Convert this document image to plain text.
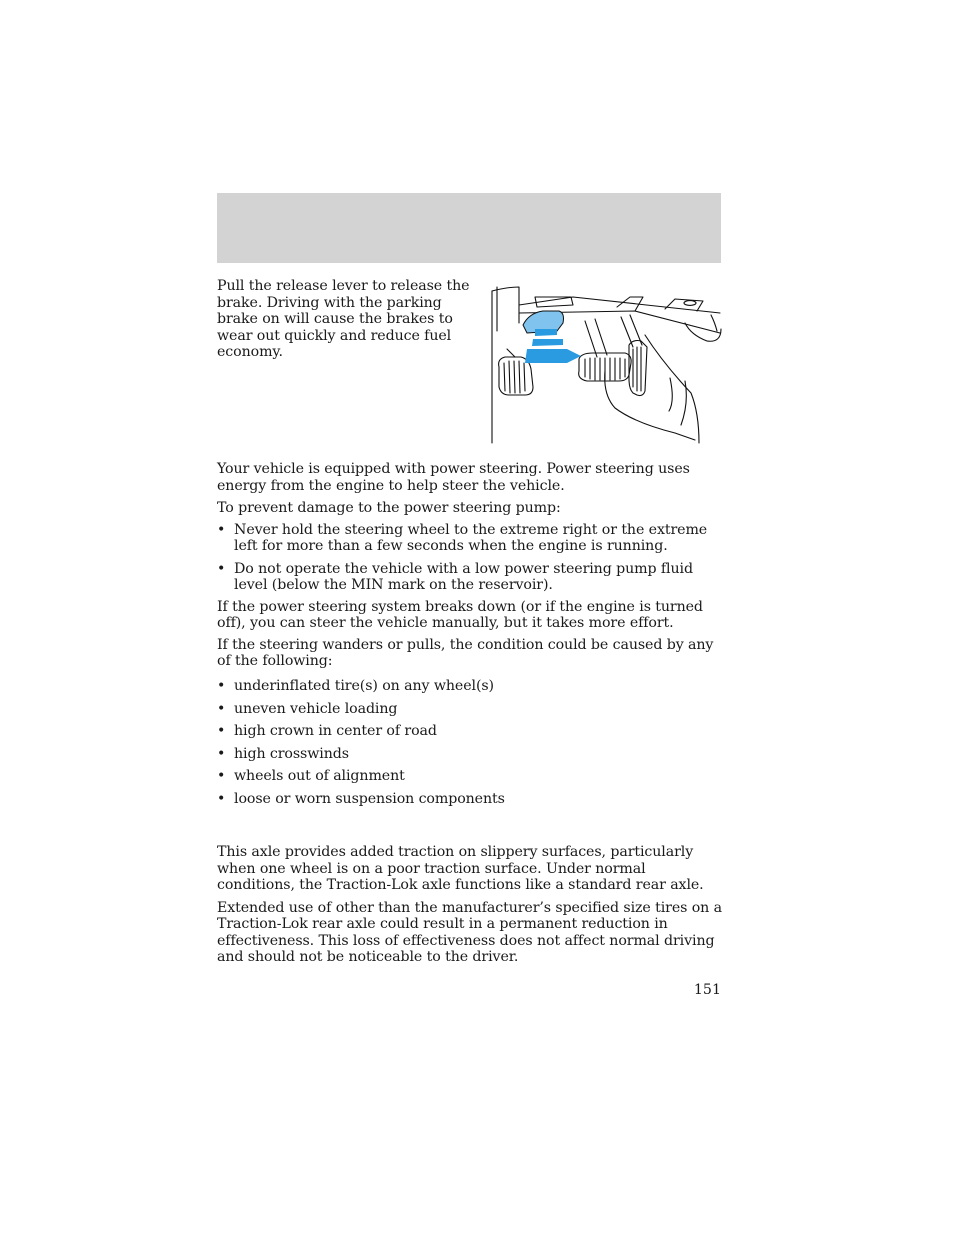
Pull the release lever to release the brake. Driving with the parking brake on will cause the brakes to wear out quickly and reduce fuel economy.

Your vehicle is equipped with power steering. Power steering uses energy from the engine to help steer the vehicle.

To prevent damage to the power steering pump:

• Never hold the steering wheel to the extreme right or the extreme left for more than a few seconds when the engine is running.
• Do not operate the vehicle with a low power steering pump fluid level (below the MIN mark on the reservoir).

If the power steering system breaks down (or if the engine is turned off), you can steer the vehicle manually, but it takes more effort.

If the steering wanders or pulls, the condition could be caused by any of the following:

• underinflated tire(s) on any wheel(s)
• uneven vehicle loading
• high crown in center of road
• high crosswinds
• wheels out of alignment
• loose or worn suspension components

This axle provides added traction on slippery surfaces, particularly when one wheel is on a poor traction surface. Under normal conditions, the Traction-Lok axle functions like a standard rear axle.

Extended use of other than the manufacturer’s specified size tires on a Traction-Lok rear axle could result in a permanent reduction in effectiveness. This loss of effectiveness does not affect normal driving and should not be noticeable to the driver.

151
